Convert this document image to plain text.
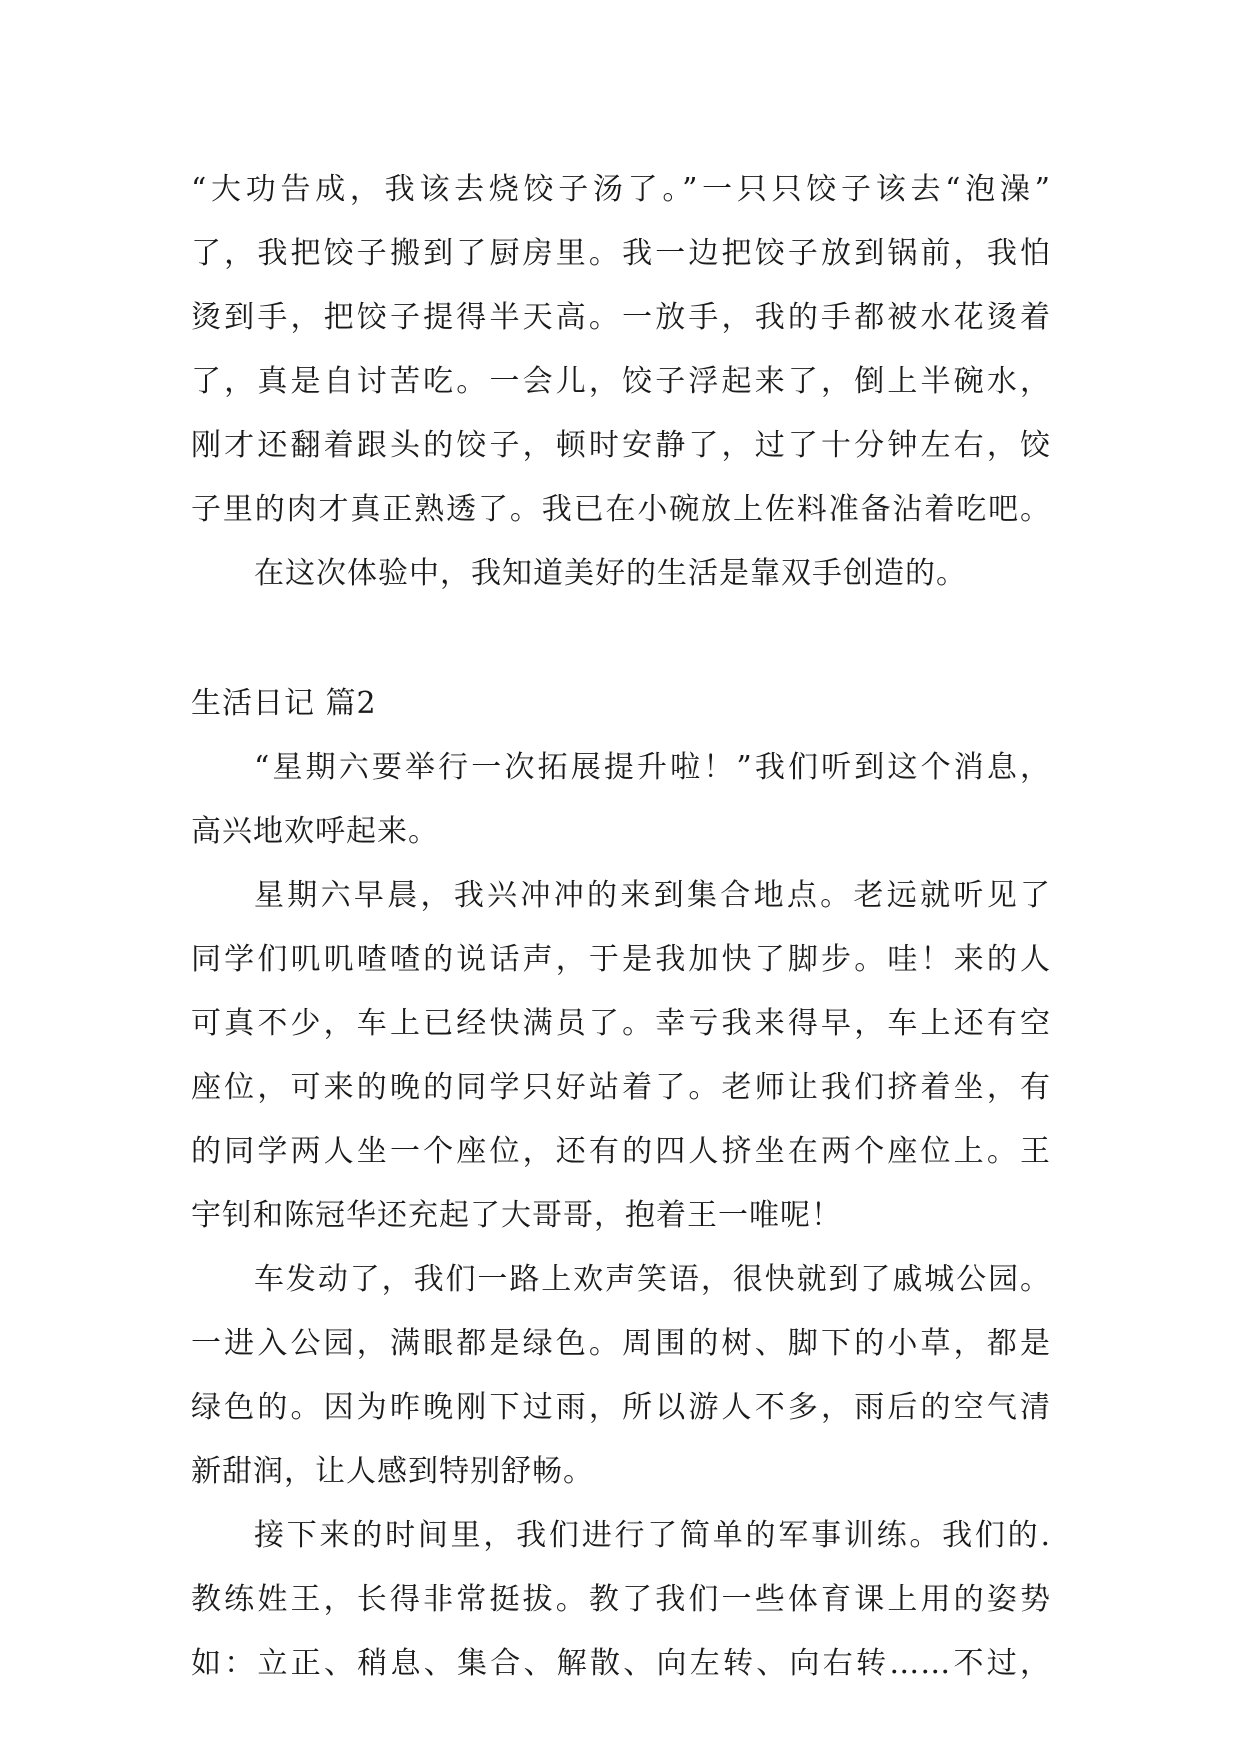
“大功告成，我该去烧饺子汤了。”一只只饺子该去“泡澡”
了，我把饺子搬到了厨房里。我一边把饺子放到锅前，我怕
烫到手，把饺子提得半天高。一放手，我的手都被水花烫着
了，真是自讨苦吃。一会儿，饺子浮起来了，倒上半碗水，
刚才还翻着跟头的饺子，顿时安静了，过了十分钟左右，饺
子里的肉才真正熟透了。我已在小碗放上佐料准备沾着吃吧。
在这次体验中，我知道美好的生活是靠双手创造的。
生活日记 篇2
“星期六要举行一次拓展提升啦！”我们听到这个消息，
高兴地欢呼起来。
星期六早晨，我兴冲冲的来到集合地点。老远就听见了
同学们叽叽喳喳的说话声，于是我加快了脚步。哇！来的人
可真不少，车上已经快满员了。幸亏我来得早，车上还有空
座位，可来的晚的同学只好站着了。老师让我们挤着坐，有
的同学两人坐一个座位，还有的四人挤坐在两个座位上。王
宇钊和陈冠华还充起了大哥哥，抱着王一唯呢！
车发动了，我们一路上欢声笑语，很快就到了戚城公园。
一进入公园，满眼都是绿色。周围的树、脚下的小草，都是
绿色的。因为昨晚刚下过雨，所以游人不多，雨后的空气清
新甜润，让人感到特别舒畅。
接下来的时间里，我们进行了简单的军事训练。我们的.
教练姓王，长得非常挺拔。教了我们一些体育课上用的姿势
如：立正、稍息、集合、解散、向左转、向右转……不过，
